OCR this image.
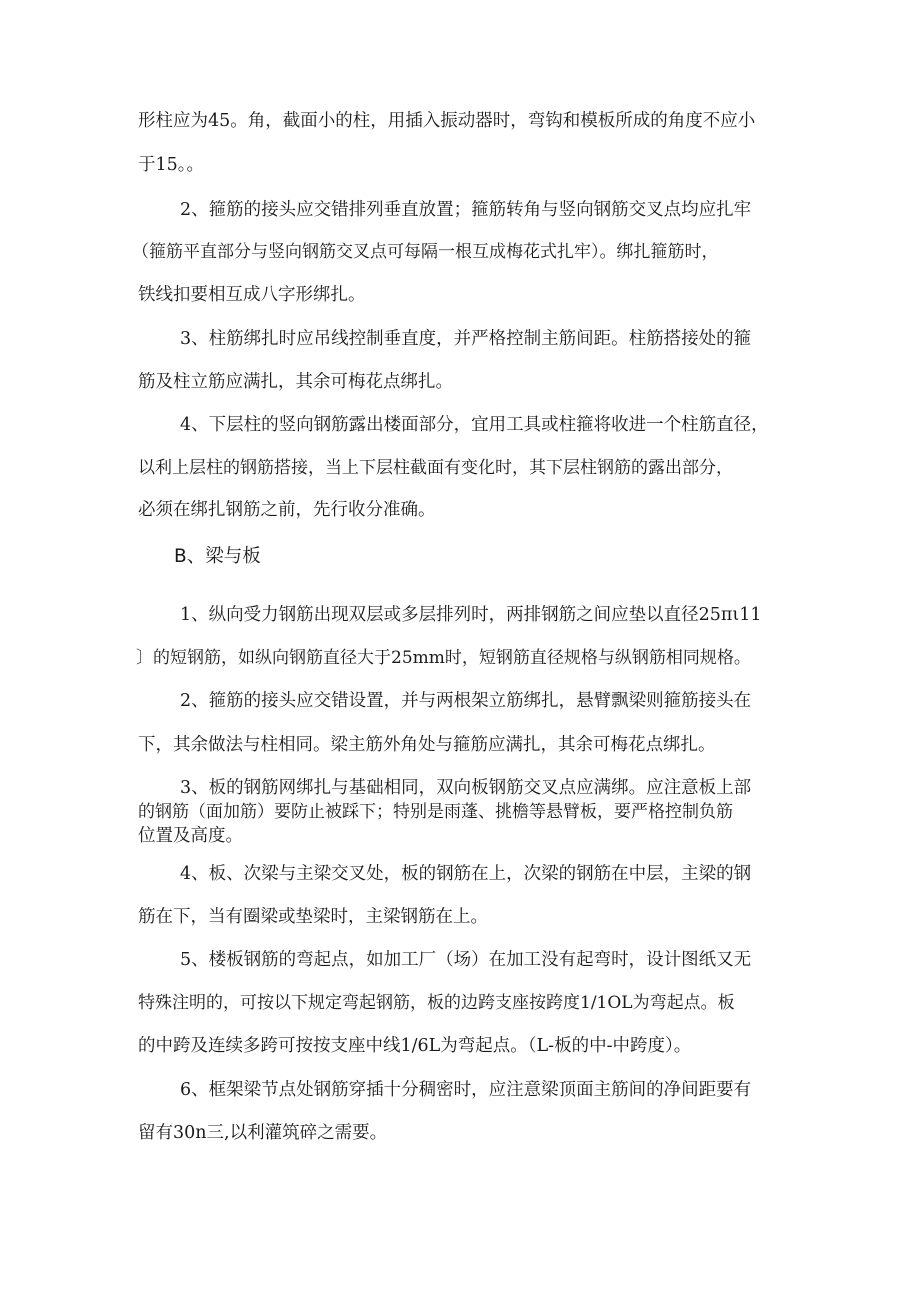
形柱应为45。角，截面小的柱，用插入振动器时，弯钩和模板所成的角度不应小

于15。。

2、箍筋的接头应交错排列垂直放置；箍筋转角与竖向钢筋交叉点均应扎牢

（箍筋平直部分与竖向钢筋交叉点可每隔一根互成梅花式扎牢）。绑扎箍筋时，

铁线扣要相互成八字形绑扎。

3、柱筋绑扎时应吊线控制垂直度，并严格控制主筋间距。柱筋搭接处的箍

筋及柱立筋应满扎，其余可梅花点绑扎。

4、下层柱的竖向钢筋露出楼面部分，宜用工具或柱箍将收进一个柱筋直径，

以利上层柱的钢筋搭接，当上下层柱截面有变化时，其下层柱钢筋的露出部分，

必须在绑扎钢筋之前，先行收分准确。

B、梁与板

1、纵向受力钢筋出现双层或多层排列时，两排钢筋之间应垫以直径25πι11

〕的短钢筋，如纵向钢筋直径大于25mm时，短钢筋直径规格与纵钢筋相同规格。

2、箍筋的接头应交错设置，并与两根架立筋绑扎，悬臂飘梁则箍筋接头在

下，其余做法与柱相同。梁主筋外角处与箍筋应满扎，其余可梅花点绑扎。

3、板的钢筋网绑扎与基础相同，双向板钢筋交叉点应满绑。应注意板上部

的钢筋（面加筋）要防止被踩下；特别是雨蓬、挑檐等悬臂板，要严格控制负筋

位置及高度。

4、板、次梁与主梁交叉处，板的钢筋在上，次梁的钢筋在中层，主梁的钢

筋在下，当有圈梁或垫梁时，主梁钢筋在上。

5、楼板钢筋的弯起点，如加工厂（场）在加工没有起弯时，设计图纸又无

特殊注明的，可按以下规定弯起钢筋，板的边跨支座按跨度1/1OL为弯起点。板

的中跨及连续多跨可按按支座中线1/6L为弯起点。（L-板的中-中跨度）。

6、框架梁节点处钢筋穿插十分稠密时，应注意梁顶面主筋间的净间距要有

留有30n三,以利灌筑碎之需要。
